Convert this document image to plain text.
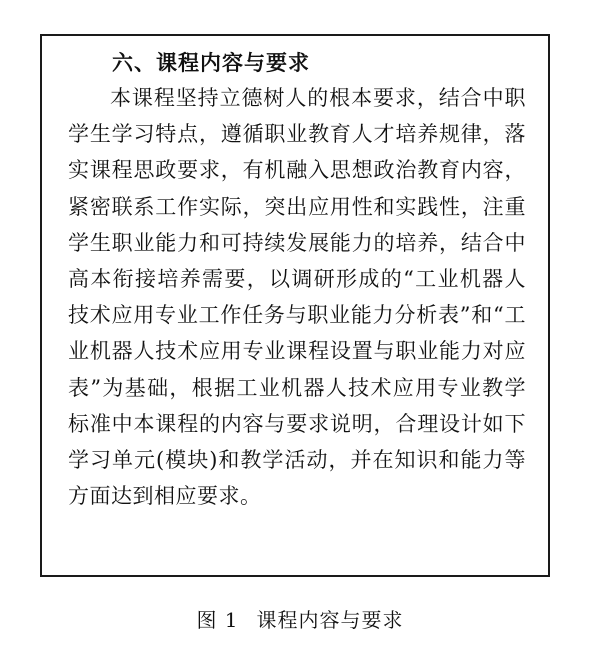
六、课程内容与要求

本课程坚持立德树人的根本要求，结合中职学生学习特点，遵循职业教育人才培养规律，落实课程思政要求，有机融入思想政治教育内容，紧密联系工作实际，突出应用性和实践性，注重学生职业能力和可持续发展能力的培养，结合中高本衔接培养需要，以调研形成的“工业机器人技术应用专业工作任务与职业能力分析表”和“工业机器人技术应用专业课程设置与职业能力对应表”为基础，根据工业机器人技术应用专业教学标准中本课程的内容与要求说明，合理设计如下学习单元(模块)和教学活动，并在知识和能力等方面达到相应要求。

图 1 课程内容与要求
